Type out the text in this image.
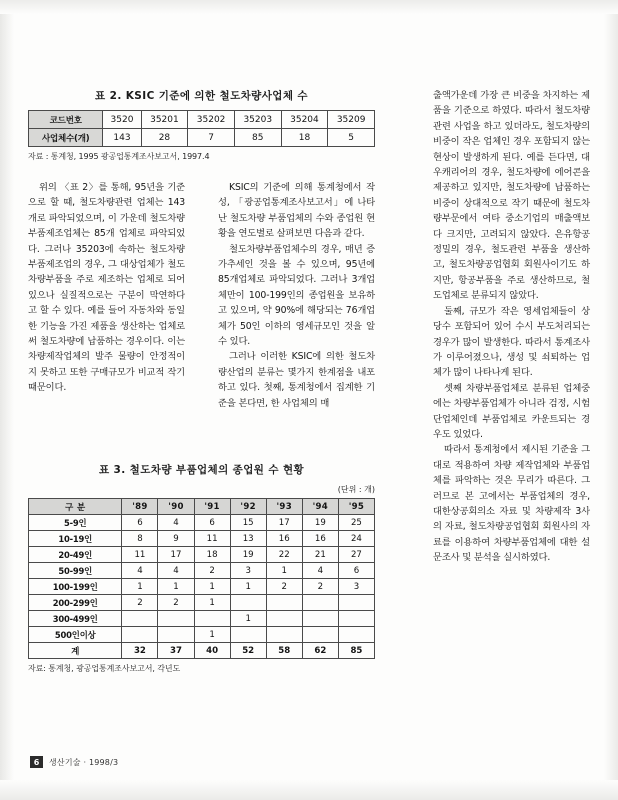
표 2. KSIC 기준에 의한 철도차량사업체 수
코드번호	3520	35201	35202	35203	35204	35209
사업체수(개)	143	28	7	85	18	5
자료 : 통계청, 1995 광공업통계조사보고서, 1997.4

위의 〈표 2〉를 통해, 95년을 기준으로 할 때, 철도차량관련 업체는 143개로 파악되었으며, 이 가운데 철도차량부품제조업체는 85개 업체로 파악되었다. 그러나 35203에 속하는 철도차량부품제조업의 경우, 그 대상업체가 철도차량부품을 주로 제조하는 업체로 되어 있으나 실질적으로는 구분이 막연하다고 할 수 있다. 예를 들어 자동차와 동일한 기능을 가진 제품을 생산하는 업체로써 철도차량에 납품하는 경우이다. 이는 차량제작업체의 발주 물량이 안정적이지 못하고 또한 구매규모가 비교적 작기 때문이다.

KSIC의 기준에 의해 통계청에서 작성, 「광공업통계조사보고서」에 나타난 철도차량 부품업체의 수와 종업원 현황을 연도별로 살펴보면 다음과 같다.

철도차량부품업체수의 경우, 매년 증가추세인 것을 볼 수 있으며, 95년에 85개업체로 파악되었다. 그러나 3개업체만이 100-199인의 종업원을 보유하고 있으며, 약 90%에 해당되는 76개업체가 50인 이하의 영세규모인 것을 알 수 있다.

그러나 이러한 KSIC에 의한 철도차량산업의 분류는 몇가지 한계점을 내포하고 있다. 첫째, 통계청에서 집계한 기준을 본다면, 한 사업체의 매

출액가운데 가장 큰 비중을 차지하는 제품을 기준으로 하였다. 따라서 철도차량관련 사업을 하고 있더라도, 철도차량의 비중이 작은 업체인 경우 포함되지 않는 현상이 발생하게 된다. 예를 든다면, 대우캐리어의 경우, 철도차량에 에어콘을 제공하고 있지만, 철도차량에 납품하는 비중이 상대적으로 작기 때문에 철도차량부문에서 여타 중소기업의 매출액보다 크지만, 고려되지 않았다. 은유항공정밀의 경우, 철도관련 부품을 생산하고, 철도차량공업협회 회원사이기도 하지만, 항공부품을 주로 생산하므로, 철도업체로 분류되지 않았다.

둘째, 규모가 작은 영세업체들이 상당수 포함되어 있어 수시 부도처리되는 경우가 많이 발생한다. 따라서 통계조사가 이루어졌으나, 생성 및 쇠퇴하는 업체가 많이 나타나게 된다.

셋째 차량부품업체로 분류된 업체중에는 차량부품업체가 아니라 검정, 시험단업체인데 부품업체로 카운트되는 경우도 있었다.

따라서 통계청에서 제시된 기준을 그대로 적용하여 차량 제작업체와 부품업체를 파악하는 것은 무리가 따른다. 그러므로 본 고에서는 부품업체의 경우, 대한상공회의소 자료 및 차량제작 3사의 자료, 철도차량공업협회 회원사의 자료를 이용하여 차량부품업체에 대한 설문조사 및 분석을 실시하였다.

표 3. 철도차량 부품업체의 종업원 수 현황
(단위 : 개)
구 분	'89	'90	'91	'92	'93	'94	'95
5-9인	6	4	6	15	17	19	25
10-19인	8	9	11	13	16	16	24
20-49인	11	17	18	19	22	21	27
50-99인	4	4	2	3	1	4	6
100-199인	1	1	1	1	2	2	3
200-299인	2	2	1				
300-499인				1			
500인이상			1				
계	32	37	40	52	58	62	85
자료: 통계청, 광공업통계조사보고서, 각년도
6	생산기술 · 1998/3
